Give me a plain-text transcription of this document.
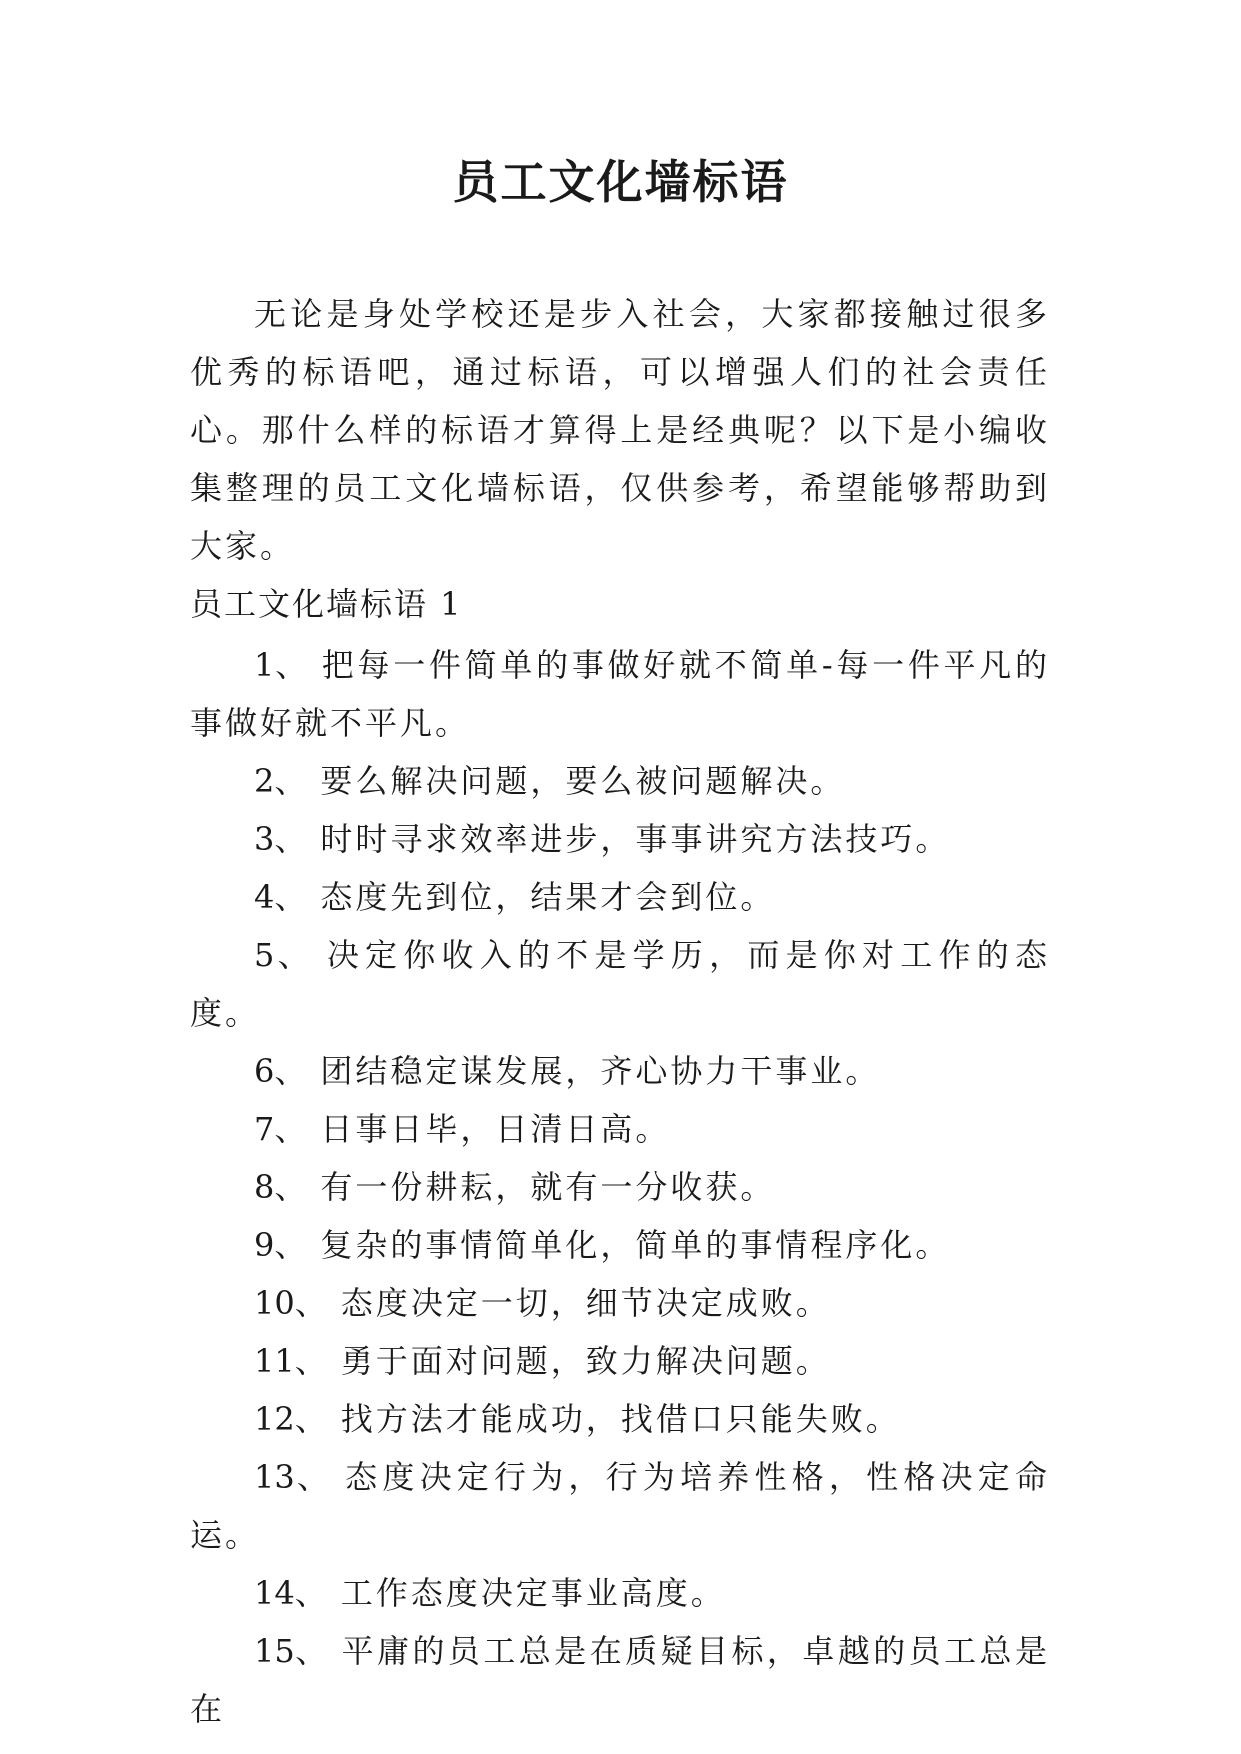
员工文化墙标语

无论是身处学校还是步入社会，大家都接触过很多优秀的标语吧，通过标语，可以增强人们的社会责任心。那什么样的标语才算得上是经典呢？以下是小编收集整理的员工文化墙标语，仅供参考，希望能够帮助到大家。

员工文化墙标语 1
1、 把每一件简单的事做好就不简单-每一件平凡的事做好就不平凡。
2、 要么解决问题，要么被问题解决。
3、 时时寻求效率进步，事事讲究方法技巧。
4、 态度先到位，结果才会到位。
5、 决定你收入的不是学历，而是你对工作的态度。
6、 团结稳定谋发展，齐心协力干事业。
7、 日事日毕，日清日高。
8、 有一份耕耘，就有一分收获。
9、 复杂的事情简单化，简单的事情程序化。
10、 态度决定一切，细节决定成败。
11、 勇于面对问题，致力解决问题。
12、 找方法才能成功，找借口只能失败。
13、 态度决定行为，行为培养性格，性格决定命运。
14、 工作态度决定事业高度。
15、 平庸的员工总是在质疑目标，卓越的员工总是在
